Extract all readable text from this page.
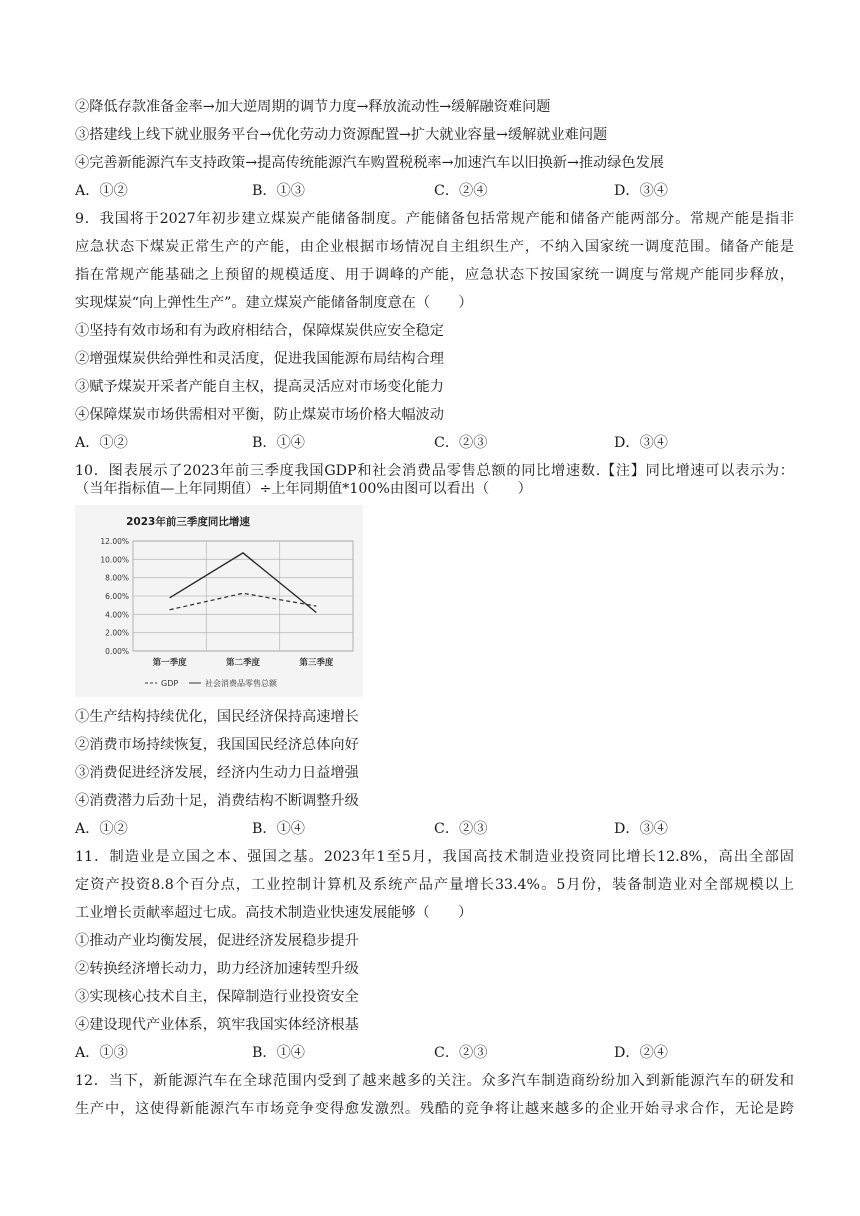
②降低存款准备金率→加大逆周期的调节力度→释放流动性→缓解融资难问题
③搭建线上线下就业服务平台→优化劳动力资源配置→扩大就业容量→缓解就业难问题
④完善新能源汽车支持政策→提高传统能源汽车购置税税率→加速汽车以旧换新→推动绿色发展
A．①②	B．①③	C．②④	D．③④
9．我国将于2027年初步建立煤炭产能储备制度。产能储备包括常规产能和储备产能两部分。常规产能是指非
应急状态下煤炭正常生产的产能，由企业根据市场情况自主组织生产，不纳入国家统一调度范围。储备产能是
指在常规产能基础之上预留的规模适度、用于调峰的产能，应急状态下按国家统一调度与常规产能同步释放，
实现煤炭“向上弹性生产”。建立煤炭产能储备制度意在（　　）
①坚持有效市场和有为政府相结合，保障煤炭供应安全稳定
②增强煤炭供给弹性和灵活度，促进我国能源布局结构合理
③赋予煤炭开采者产能自主权，提高灵活应对市场变化能力
④保障煤炭市场供需相对平衡，防止煤炭市场价格大幅波动
A．①②	B．①④	C．②③	D．③④
10．图表展示了2023年前三季度我国GDP和社会消费品零售总额的同比增速数.【注】同比增速可以表示为：
（当年指标值—上年同期值）÷上年同期值*100%由图可以看出（　　）
2023年前三季度同比增速
0.00%
2.00%
4.00%
6.00%
8.00%
10.00%
12.00%
第一季度	第二季度	第三季度
GDP	社会消费品零售总额
①生产结构持续优化，国民经济保持高速增长
②消费市场持续恢复，我国国民经济总体向好
③消费促进经济发展，经济内生动力日益增强
④消费潜力后劲十足，消费结构不断调整升级
A．①②	B．①④	C．②③	D．③④
11．制造业是立国之本、强国之基。2023年1至5月，我国高技术制造业投资同比增长12.8%，高出全部固
定资产投资8.8个百分点，工业控制计算机及系统产品产量增长33.4%。5月份，装备制造业对全部规模以上
工业增长贡献率超过七成。高技术制造业快速发展能够（　　）
①推动产业均衡发展，促进经济发展稳步提升
②转换经济增长动力，助力经济加速转型升级
③实现核心技术自主，保障制造行业投资安全
④建设现代产业体系，筑牢我国实体经济根基
A．①③	B．①④	C．②③	D．②④
12．当下，新能源汽车在全球范围内受到了越来越多的关注。众多汽车制造商纷纷加入到新能源汽车的研发和
生产中，这使得新能源汽车市场竞争变得愈发激烈。残酷的竞争将让越来越多的企业开始寻求合作，无论是跨
